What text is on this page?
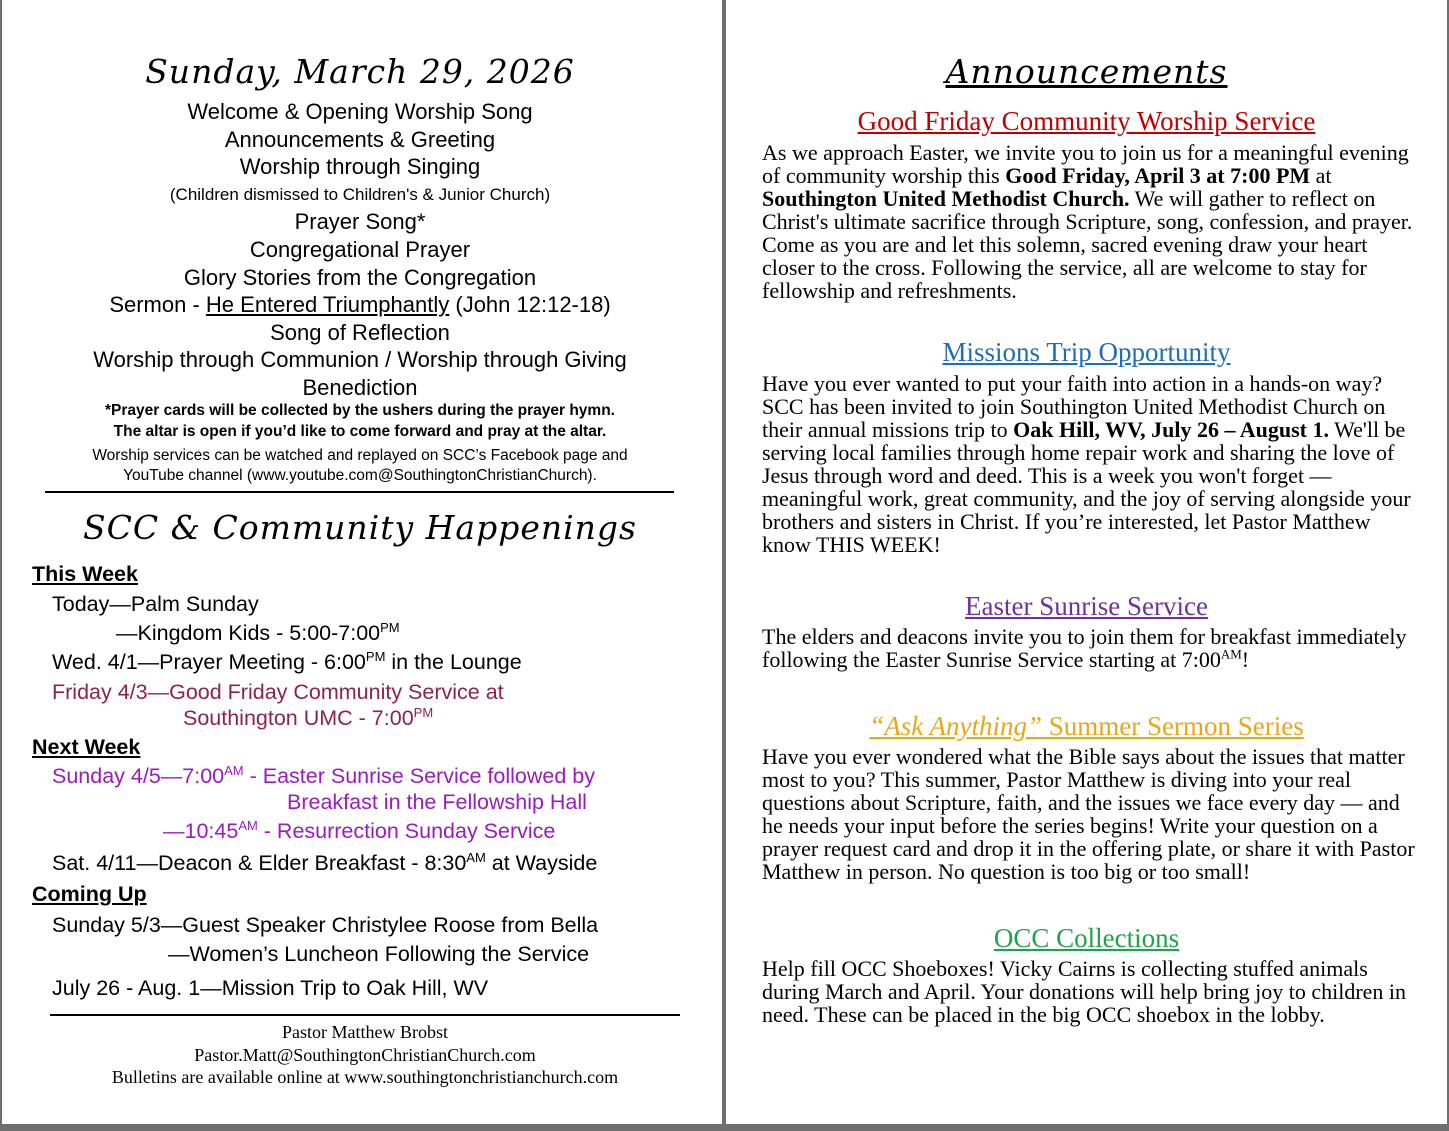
Sunday, March 29, 2026
Welcome & Opening Worship Song
Announcements & Greeting
Worship through Singing
(Children dismissed to Children's & Junior Church)
Prayer Song*
Congregational Prayer
Glory Stories from the Congregation
Sermon - He Entered Triumphantly (John 12:12-18)
Song of Reflection
Worship through Communion / Worship through Giving
Benediction
*Prayer cards will be collected by the ushers during the prayer hymn.
The altar is open if you’d like to come forward and pray at the altar.
Worship services can be watched and replayed on SCC’s Facebook page and
YouTube channel (www.youtube.com@SouthingtonChristianChurch).
SCC & Community Happenings
This Week
Today—Palm Sunday
—Kingdom Kids - $5:00-7:00^{PM}$
Wed. 4/1—Prayer Meeting - $6:00^{PM}$ in the Lounge
Friday 4/3—Good Friday Community Service at
Southington UMC - $7:00^{PM}$
Next Week
Sunday $4/5—7:00^{AM}$ - Easter Sunrise Service followed by
Breakfast in the Fellowship Hall
$—10:45^{AM}$ - Resurrection Sunday Service
Sat. 4/11—Deacon & Elder Breakfast - $8:30^{AM}$ at Wayside
Coming Up
Sunday 5/3—Guest Speaker Christylee Roose from Bella
—Women’s Luncheon Following the Service
July 26 - Aug. 1—Mission Trip to Oak Hill, WV
Pastor Matthew Brobst
Pastor.Matt@SouthingtonChristianChurch.com
Bulletins are available online at www.southingtonchristianchurch.com
Announcements
Good Friday Community Worship Service
As we approach Easter, we invite you to join us for a meaningful evening of community worship this Good Friday, April 3 at 7:00 PM at Southington United Methodist Church. We will gather to reflect on Christ's ultimate sacrifice through Scripture, song, confession, and prayer. Come as you are and let this solemn, sacred evening draw your heart closer to the cross. Following the service, all are welcome to stay for fellowship and refreshments.
Missions Trip Opportunity
Have you ever wanted to put your faith into action in a hands-on way? SCC has been invited to join Southington United Methodist Church on their annual missions trip to Oak Hill, WV, July 26 – August 1. We'll be serving local families through home repair work and sharing the love of Jesus through word and deed. This is a week you won't forget — meaningful work, great community, and the joy of serving alongside your brothers and sisters in Christ. If you’re interested, let Pastor Matthew know THIS WEEK!
Easter Sunrise Service
The elders and deacons invite you to join them for breakfast immediately following the Easter Sunrise Service starting at $7:00^{AM}$!
“Ask Anything” Summer Sermon Series
Have you ever wondered what the Bible says about the issues that matter most to you? This summer, Pastor Matthew is diving into your real questions about Scripture, faith, and the issues we face every day — and he needs your input before the series begins! Write your question on a prayer request card and drop it in the offering plate, or share it with Pastor Matthew in person. No question is too big or too small!
OCC Collections
Help fill OCC Shoeboxes! Vicky Cairns is collecting stuffed animals during March and April. Your donations will help bring joy to children in need. These can be placed in the big OCC shoebox in the lobby.
